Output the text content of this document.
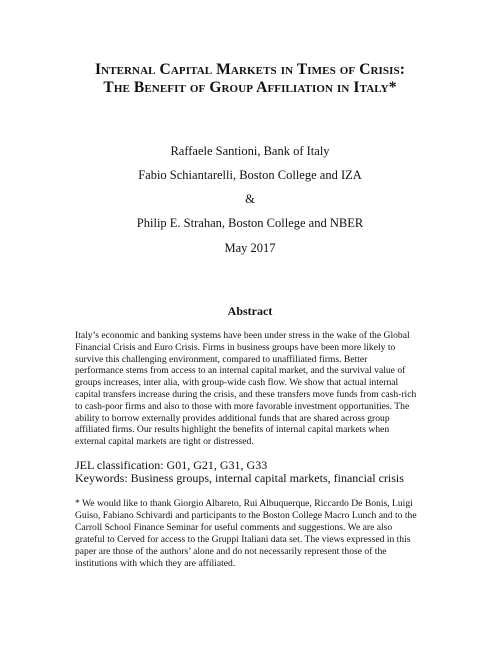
Internal Capital Markets in Times of Crisis:
The Benefit of Group Affiliation in Italy*
Raffaele Santioni, Bank of Italy
Fabio Schiantarelli, Boston College and IZA
&
Philip E. Strahan, Boston College and NBER
May 2017
Abstract
Italy’s economic and banking systems have been under stress in the wake of the Global
Financial Crisis and Euro Crisis. Firms in business groups have been more likely to
survive this challenging environment, compared to unaffiliated firms. Better
performance stems from access to an internal capital market, and the survival value of
groups increases, inter alia, with group-wide cash flow. We show that actual internal
capital transfers increase during the crisis, and these transfers move funds from cash-rich
to cash-poor firms and also to those with more favorable investment opportunities. The
ability to borrow externally provides additional funds that are shared across group
affiliated firms. Our results highlight the benefits of internal capital markets when
external capital markets are tight or distressed.
JEL classification: G01, G21, G31, G33
Keywords: Business groups, internal capital markets, financial crisis
* We would like to thank Giorgio Albareto, Rui Albuquerque, Riccardo De Bonis, Luigi
Guiso, Fabiano Schivardi and participants to the Boston College Macro Lunch and to the
Carroll School Finance Seminar for useful comments and suggestions. We are also
grateful to Cerved for access to the Gruppi Italiani data set. The views expressed in this
paper are those of the authors’ alone and do not necessarily represent those of the
institutions with which they are affiliated.
